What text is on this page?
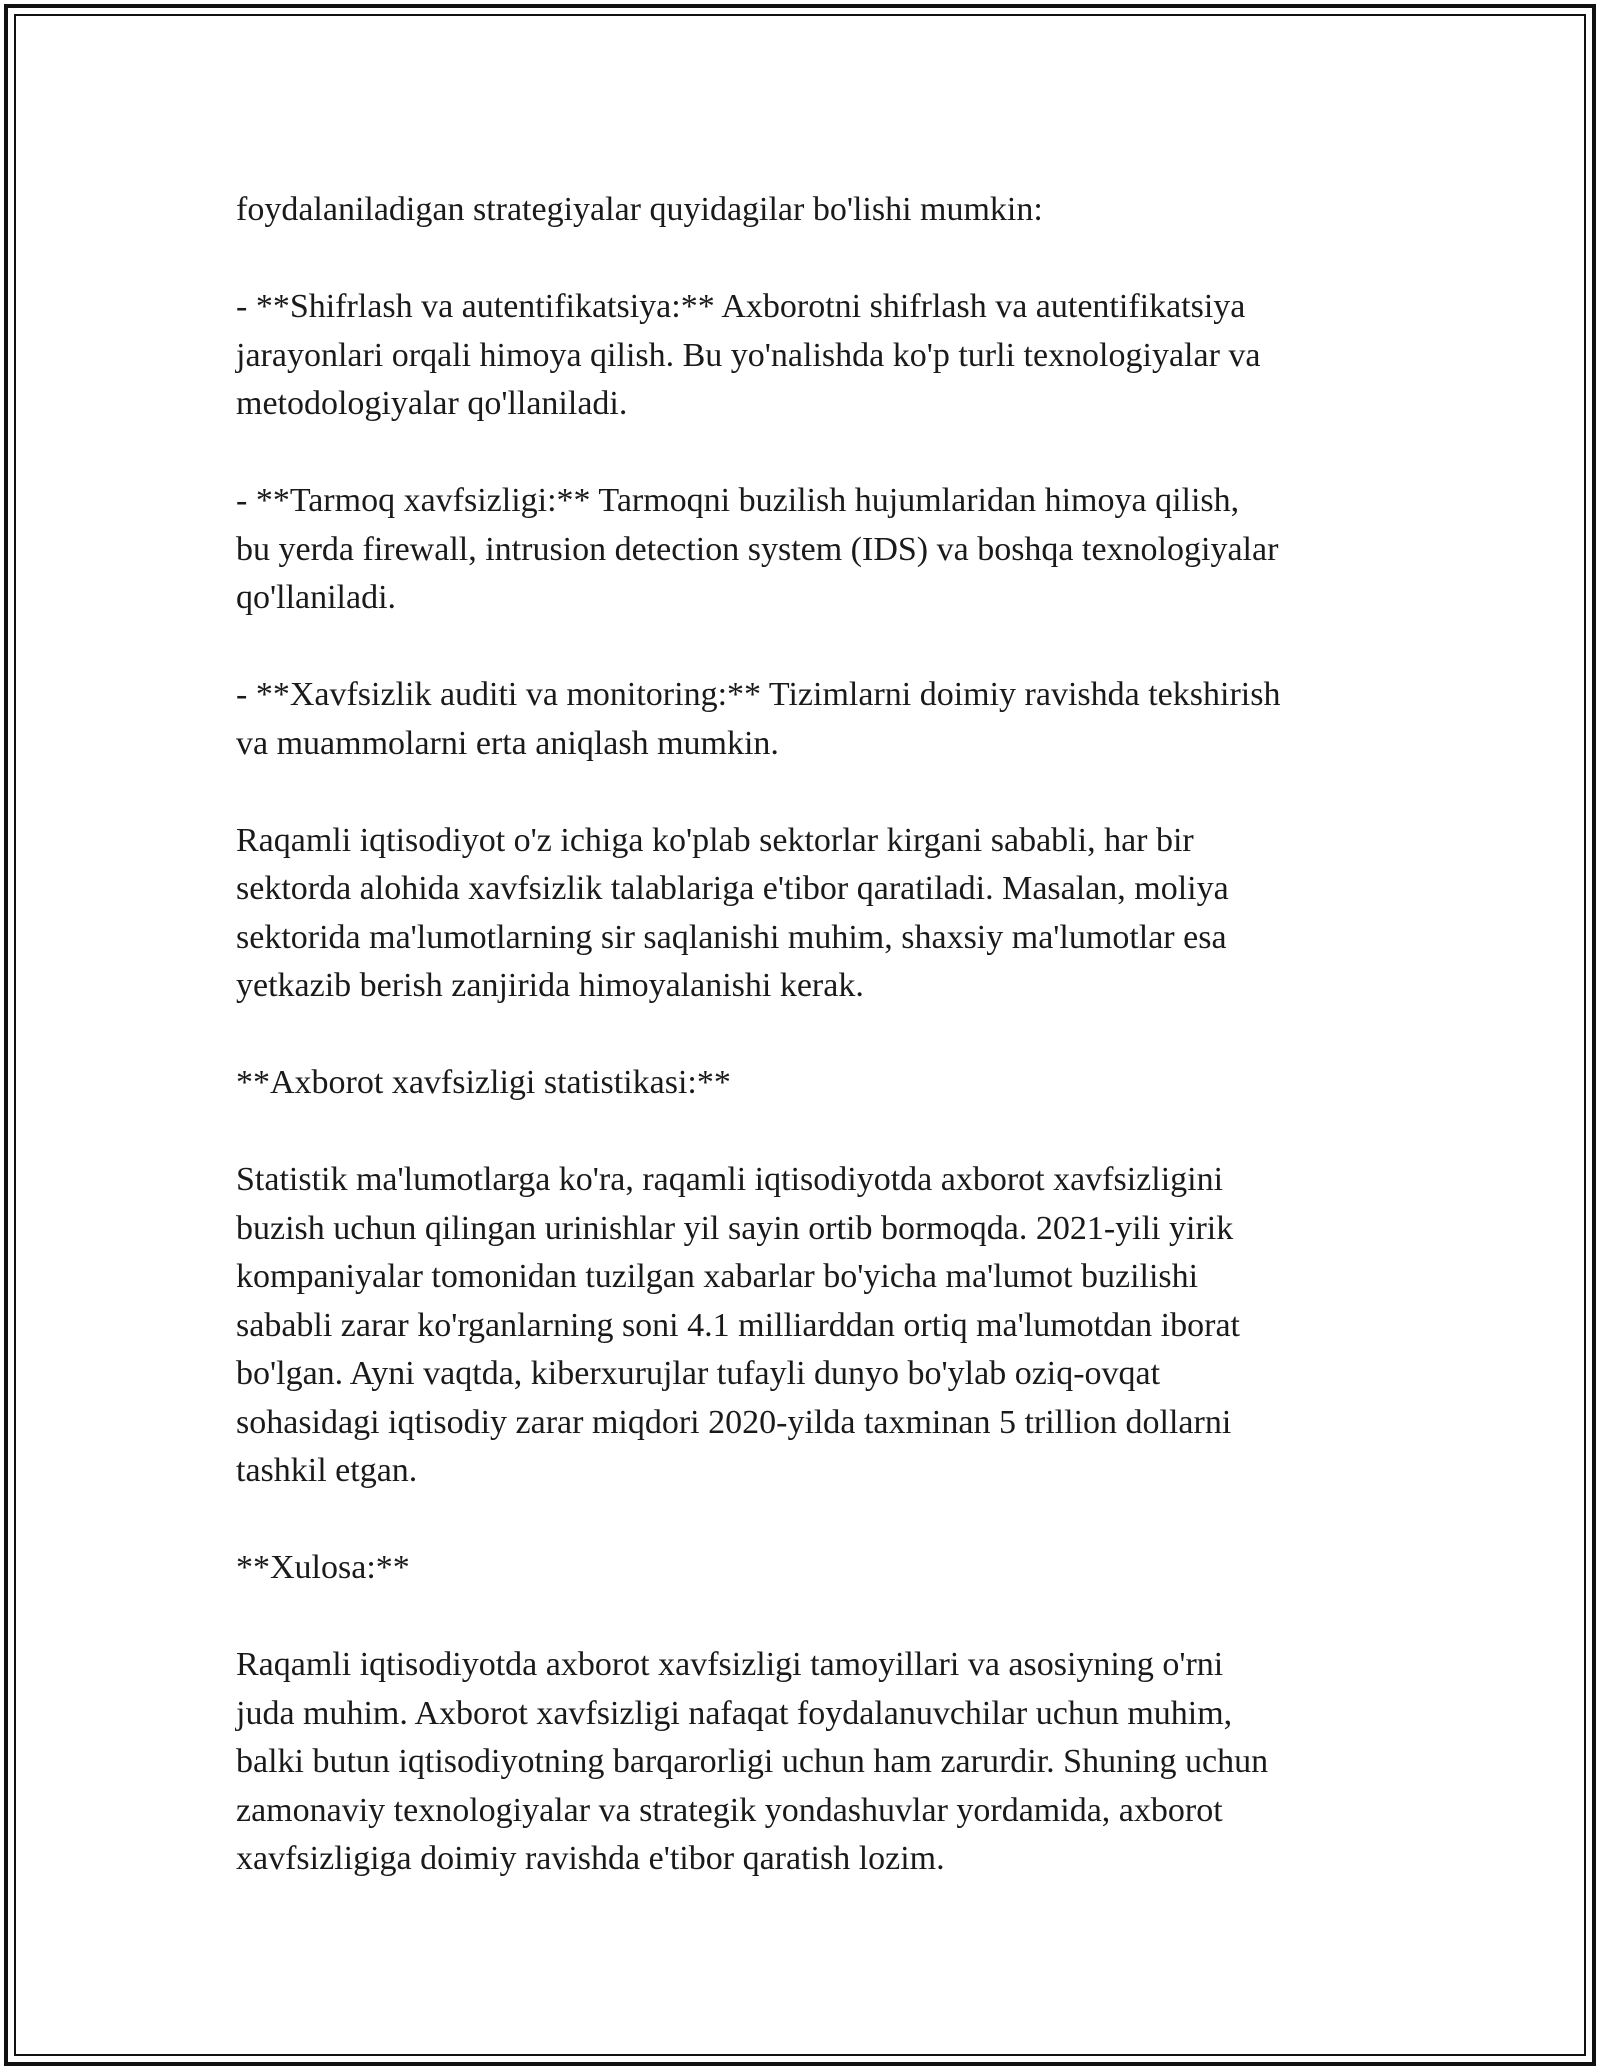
foydalaniladigan strategiyalar quyidagilar bo'lishi mumkin:

- **Shifrlash va autentifikatsiya:** Axborotni shifrlash va autentifikatsiya
jarayonlari orqali himoya qilish. Bu yo'nalishda ko'p turli texnologiyalar va
metodologiyalar qo'llaniladi.

- **Tarmoq xavfsizligi:** Tarmoqni buzilish hujumlaridan himoya qilish,
bu yerda firewall, intrusion detection system (IDS) va boshqa texnologiyalar
qo'llaniladi.

- **Xavfsizlik auditi va monitoring:** Tizimlarni doimiy ravishda tekshirish
va muammolarni erta aniqlash mumkin.

Raqamli iqtisodiyot o'z ichiga ko'plab sektorlar kirgani sababli, har bir
sektorda alohida xavfsizlik talablariga e'tibor qaratiladi. Masalan, moliya
sektorida ma'lumotlarning sir saqlanishi muhim, shaxsiy ma'lumotlar esa
yetkazib berish zanjirida himoyalanishi kerak.

**Axborot xavfsizligi statistikasi:**

Statistik ma'lumotlarga ko'ra, raqamli iqtisodiyotda axborot xavfsizligini
buzish uchun qilingan urinishlar yil sayin ortib bormoqda. 2021-yili yirik
kompaniyalar tomonidan tuzilgan xabarlar bo'yicha ma'lumot buzilishi
sababli zarar ko'rganlarning soni 4.1 milliarddan ortiq ma'lumotdan iborat
bo'lgan. Ayni vaqtda, kiberxurujlar tufayli dunyo bo'ylab oziq-ovqat
sohasidagi iqtisodiy zarar miqdori 2020-yilda taxminan 5 trillion dollarni
tashkil etgan.

**Xulosa:**

Raqamli iqtisodiyotda axborot xavfsizligi tamoyillari va asosiyning o'rni
juda muhim. Axborot xavfsizligi nafaqat foydalanuvchilar uchun muhim,
balki butun iqtisodiyotning barqarorligi uchun ham zarurdir. Shuning uchun
zamonaviy texnologiyalar va strategik yondashuvlar yordamida, axborot
xavfsizligiga doimiy ravishda e'tibor qaratish lozim.
